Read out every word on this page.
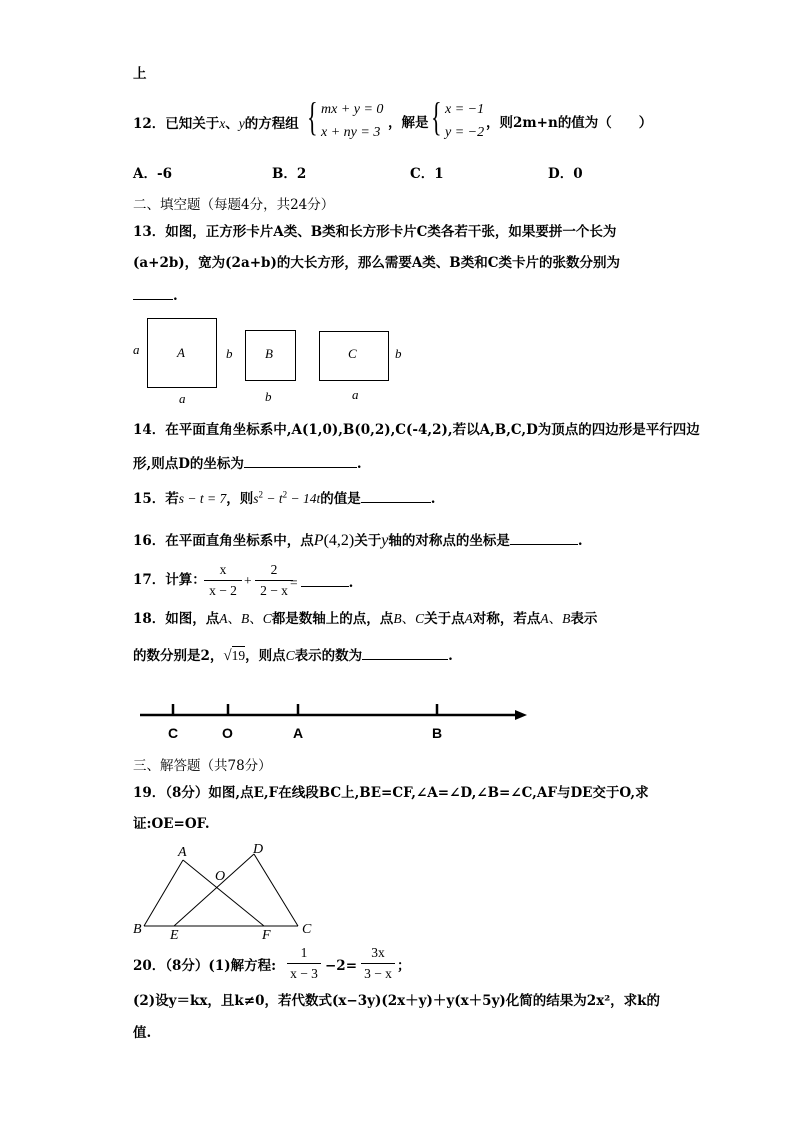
上
12．已知关于x、y的方程组 { mx + y = 0
x + ny = 3
，解是 { x = −1
y = −2
，则2m+n的值为（　　）
A．-6	B．2	C．1	D．0
二、填空题（每题4分，共24分）
13．如图，正方形卡片A类、B类和长方形卡片C类各若干张，如果要拼一个长为
(a+2b)，宽为(2a+b)的大长方形，那么需要A类、B类和C类卡片的张数分别为
.
A
a
a
b	B
b
C	b
a
14．在平面直角坐标系中,A(1,0),B(0,2),C(-4,2),若以A,B,C,D为顶点的四边形是平行四边
形,则点D的坐标为	.
15．若s − t = 7，则$s^2 - t^2 - 14t$的值是	.
16．在平面直角坐标系中，点P(4,2)关于y轴的对称点的坐标是	.
17．计算：
$\frac{x}{x - 2} + \frac{2}{2 - x}$
=	.
18．如图，点A、B、C都是数轴上的点，点B、C关于点A对称，若点A、B表示
的数分别是2，√19，则点C表示的数为	.
C	O	A	B
三、解答题（共78分）
19．（8分）如图,点E,F在线段BC上,BE=CF,∠A=∠D,∠B=∠C,AF与DE交于O,求
证:OE=OF.
A	D
O
B E	F C
20．（8分）(1)解方程: $\frac{1}{x - 3} -2= \frac{3x}{3 - x}$ ；
(2)设y＝kx，且k≠0，若代数式(x−3y)(2x＋y)＋y(x＋5y)化简的结果为2x²，求k的
值.
